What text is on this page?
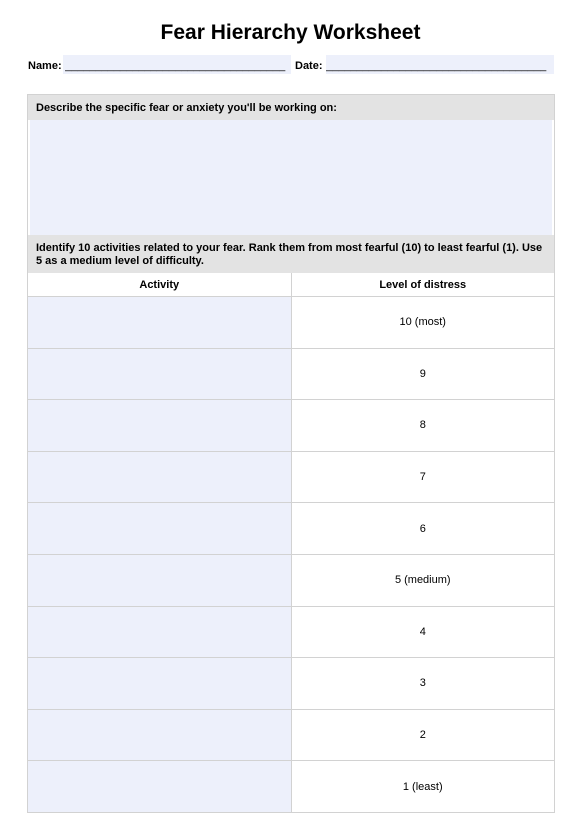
Fear Hierarchy Worksheet
Name: ____________________________________ Date: ____________________________________
Describe the specific fear or anxiety you'll be working on:
Identify 10 activities related to your fear. Rank them from most fearful (10) to least fearful (1). Use 5 as a medium level of difficulty.
Activity	Level of distress
	10 (most)
	9
	8
	7
	6
	5 (medium)
	4
	3
	2
	1 (least)
